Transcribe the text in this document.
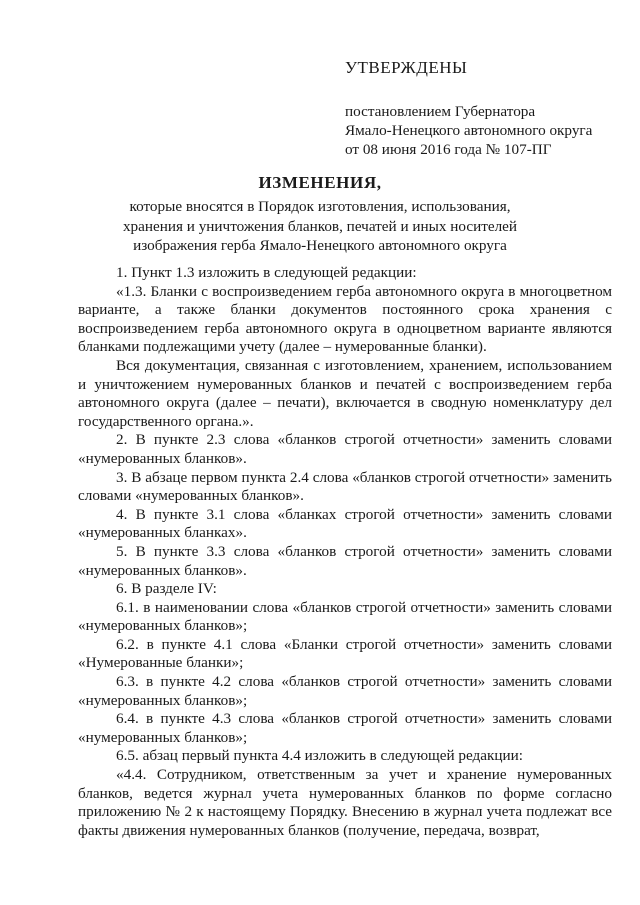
УТВЕРЖДЕНЫ
постановлением Губернатора
Ямало-Ненецкого автономного округа
от 08 июня 2016 года № 107-ПГ
ИЗМЕНЕНИЯ,
которые вносятся в Порядок изготовления, использования,
хранения и уничтожения бланков, печатей и иных носителей
изображения герба Ямало-Ненецкого автономного округа

1. Пункт 1.3 изложить в следующей редакции:

«1.3. Бланки с воспроизведением герба автономного округа в многоцветном варианте, а также бланки документов постоянного срока хранения с воспроизведением герба автономного округа в одноцветном варианте являются бланками подлежащими учету (далее – нумерованные бланки).

Вся документация, связанная с изготовлением, хранением, использованием и уничтожением нумерованных бланков и печатей с воспроизведением герба автономного округа (далее – печати), включается в сводную номенклатуру дел государственного органа.».

2. В пункте 2.3 слова «бланков строгой отчетности» заменить словами «нумерованных бланков».

3. В абзаце первом пункта 2.4 слова «бланков строгой отчетности» заменить словами «нумерованных бланков».

4. В пункте 3.1 слова «бланках строгой отчетности» заменить словами «нумерованных бланках».

5. В пункте 3.3 слова «бланков строгой отчетности» заменить словами «нумерованных бланков».

6. В разделе IV:

6.1. в наименовании слова «бланков строгой отчетности» заменить словами «нумерованных бланков»;

6.2. в пункте 4.1 слова «Бланки строгой отчетности» заменить словами «Нумерованные бланки»;

6.3. в пункте 4.2 слова «бланков строгой отчетности» заменить словами «нумерованных бланков»;

6.4. в пункте 4.3 слова «бланков строгой отчетности» заменить словами «нумерованных бланков»;

6.5. абзац первый пункта 4.4 изложить в следующей редакции:

«4.4. Сотрудником, ответственным за учет и хранение нумерованных бланков, ведется журнал учета нумерованных бланков по форме согласно приложению № 2 к настоящему Порядку. Внесению в журнал учета подлежат все факты движения нумерованных бланков (получение, передача, возврат,
